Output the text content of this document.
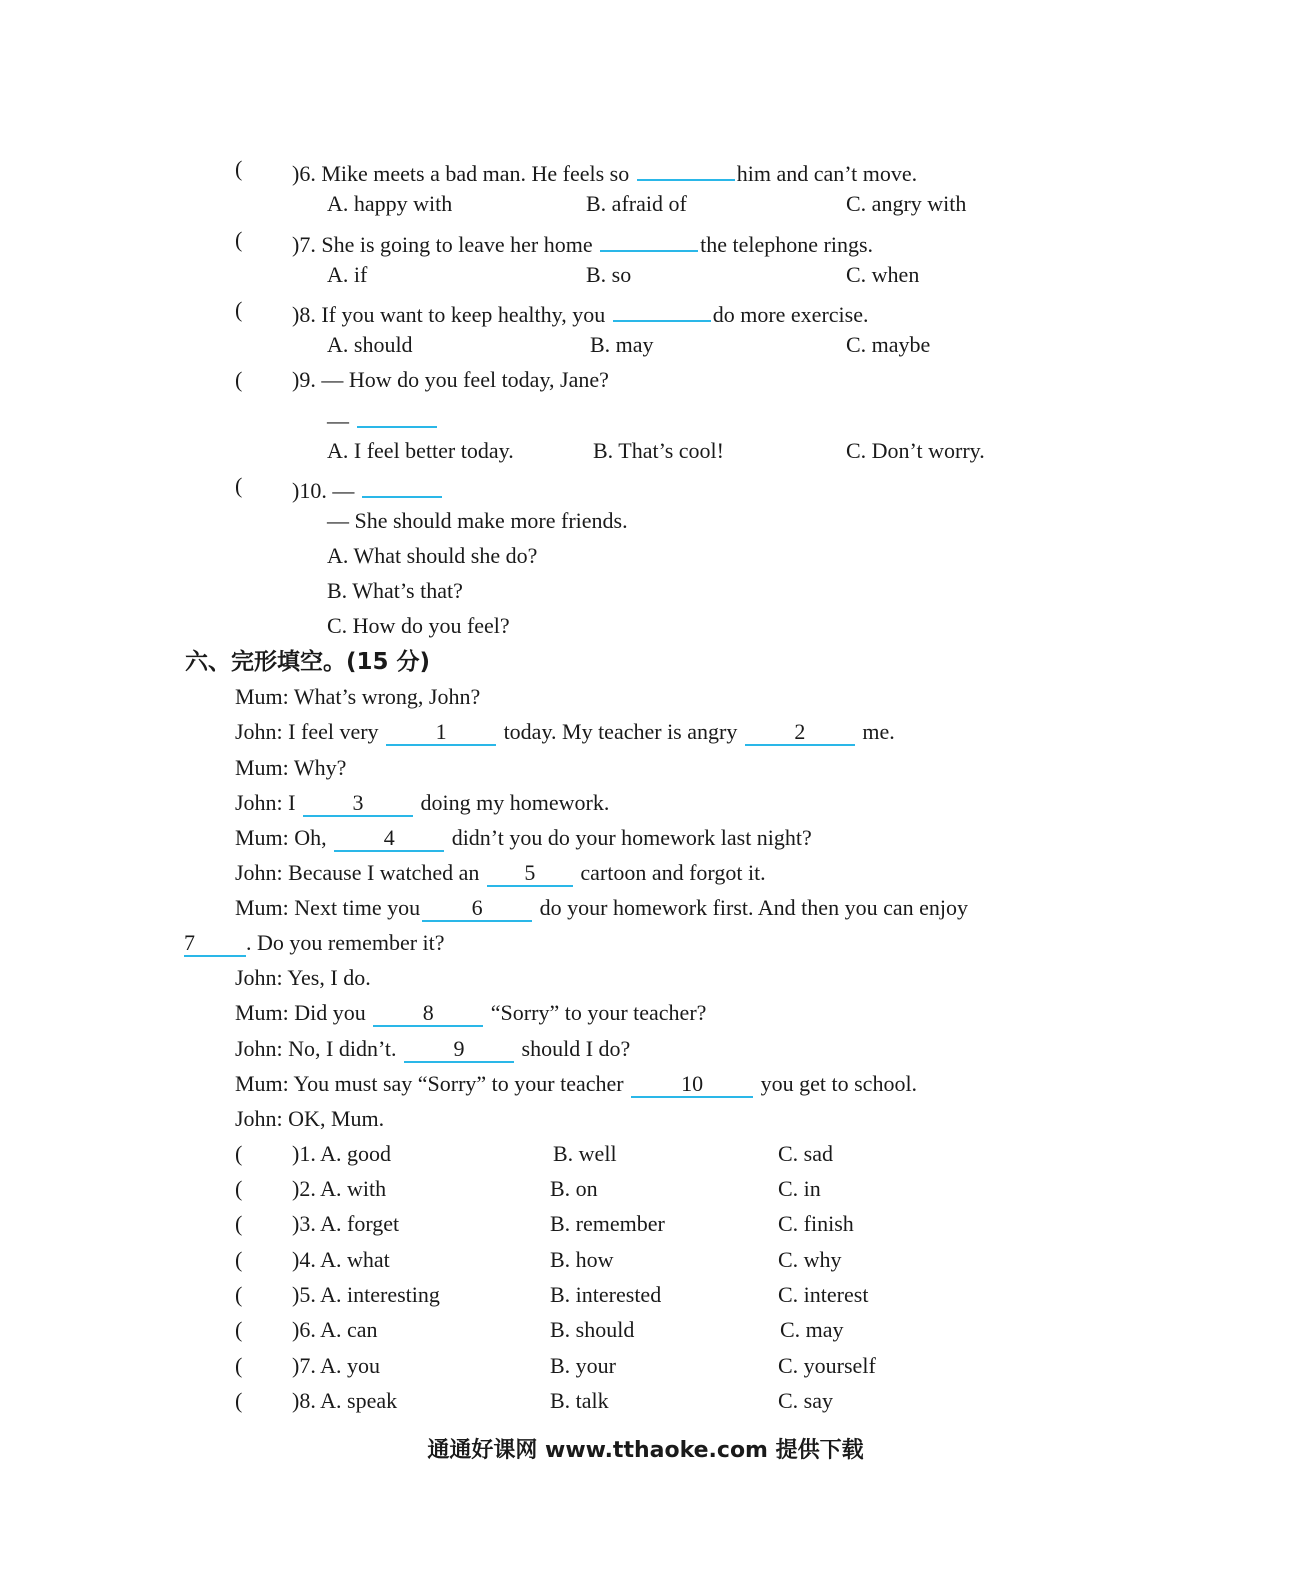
( )6. Mike meets a bad man. He feels so	him and can’t move.
A. happy with	B. afraid of	C. angry with
( )7. She is going to leave her home	the telephone rings.
A. if	B. so	C. when
( )8. If you want to keep healthy, you	do more exercise.
A. should	B. may	C. maybe
( )9. — How do you feel today, Jane?
—
A. I feel better today.	B. That’s cool!	C. Don’t worry.
( )10. —
— She should make more friends.
A. What should she do?
B. What’s that?
C. How do you feel?
六、完形填空。(15 分)
Mum: What’s wrong, John?
John: I feel very	1	today. My teacher is angry	2	me.
Mum: Why?
John: I	3	doing my homework.
Mum: Oh,	4	didn’t you do your homework last night?
John: Because I watched an 5 cartoon and forgot it.
Mum: Next time you 6	do your homework first. And then you can enjoy
7 . Do you remember it?
John: Yes, I do.
Mum: Did you	8	“Sorry” to your teacher?
John: No, I didn’t.	9	should I do?
Mum: You must say “Sorry” to your teacher	10	you get to school.
John: OK, Mum.
( )1. A. good	B. well	C. sad
( )2. A. with	B. on	C. in
( )3. A. forget	B. remember	C. finish
( )4. A. what	B. how	C. why
( )5. A. interesting	B. interested	C. interest
( )6. A. can	B. should	C. may
( )7. A. you	B. your	C. yourself
( )8. A. speak	B. talk	C. say
通通好课网 www.tthaoke.com 提供下载
